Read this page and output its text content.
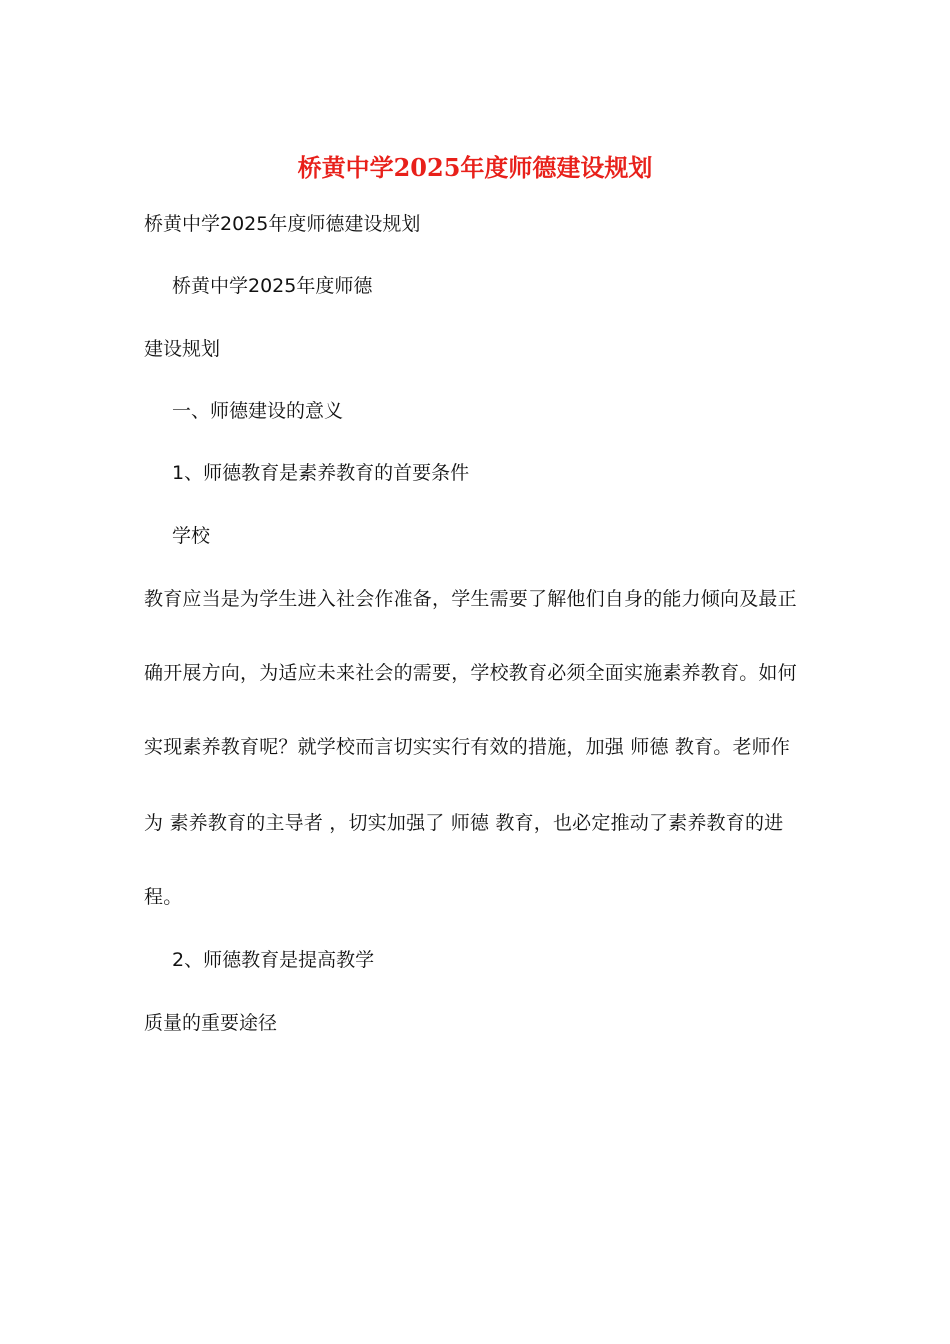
桥黄中学2025年度师德建设规划

桥黄中学2025年度师德建设规划

桥黄中学2025年度师德

建设规划

一、师德建设的意义

1、师德教育是素养教育的首要条件

学校

教育应当是为学生进入社会作准备，学生需要了解他们自身的能力倾向及最正

确开展方向，为适应未来社会的需要，学校教育必须全面实施素养教育。如何

实现素养教育呢？就学校而言切实实行有效的措施，加强 师德 教育。老师作

为 素养教育的主导者 ，切实加强了 师德 教育，也必定推动了素养教育的进

程。

2、师德教育是提高教学

质量的重要途径
